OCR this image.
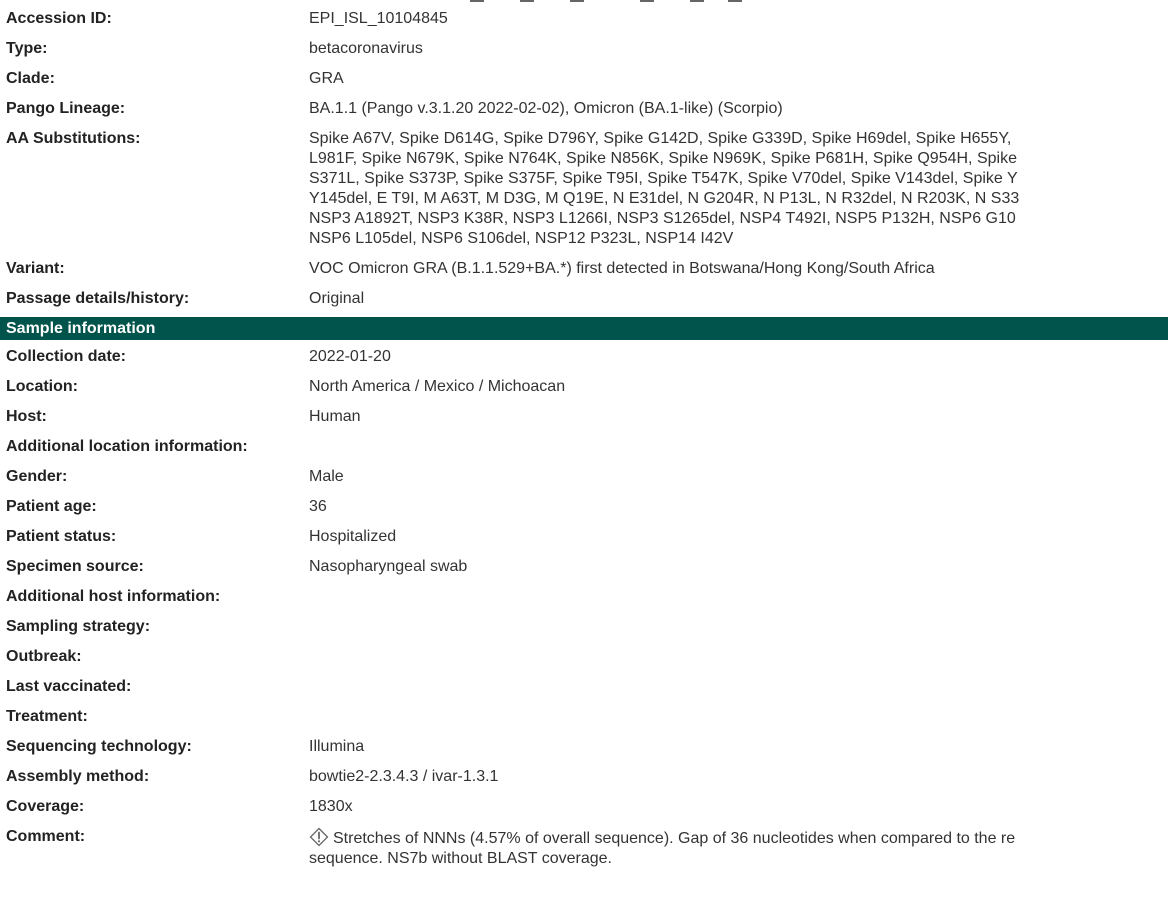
Accession ID:	EPI_ISL_10104845
Type:	betacoronavirus
Clade:	GRA
Pango Lineage:	BA.1.1 (Pango v.3.1.20 2022-02-02), Omicron (BA.1-like) (Scorpio)
AA Substitutions:	Spike A67V, Spike D614G, Spike D796Y, Spike G142D, Spike G339D, Spike H69del, Spike H655Y,
L981F, Spike N679K, Spike N764K, Spike N856K, Spike N969K, Spike P681H, Spike Q954H, Spike
S371L, Spike S373P, Spike S375F, Spike T95I, Spike T547K, Spike V70del, Spike V143del, Spike Y
Y145del, E T9I, M A63T, M D3G, M Q19E, N E31del, N G204R, N P13L, N R32del, N R203K, N S33
NSP3 A1892T, NSP3 K38R, NSP3 L1266I, NSP3 S1265del, NSP4 T492I, NSP5 P132H, NSP6 G10
NSP6 L105del, NSP6 S106del, NSP12 P323L, NSP14 I42V
Variant:	VOC Omicron GRA (B.1.1.529+BA.*) first detected in Botswana/Hong Kong/South Africa
Passage details/history:	Original
Sample information
Collection date:	2022-01-20
Location:	North America / Mexico / Michoacan
Host:	Human
Additional location information:
Gender:	Male
Patient age:	36
Patient status:	Hospitalized
Specimen source:	Nasopharyngeal swab
Additional host information:
Sampling strategy:
Outbreak:
Last vaccinated:
Treatment:
Sequencing technology:	Illumina
Assembly method:	bowtie2-2.3.4.3 / ivar-1.3.1
Coverage:	1830x
Comment:	Stretches of NNNs (4.57% of overall sequence). Gap of 36 nucleotides when compared to the re
sequence. NS7b without BLAST coverage.
